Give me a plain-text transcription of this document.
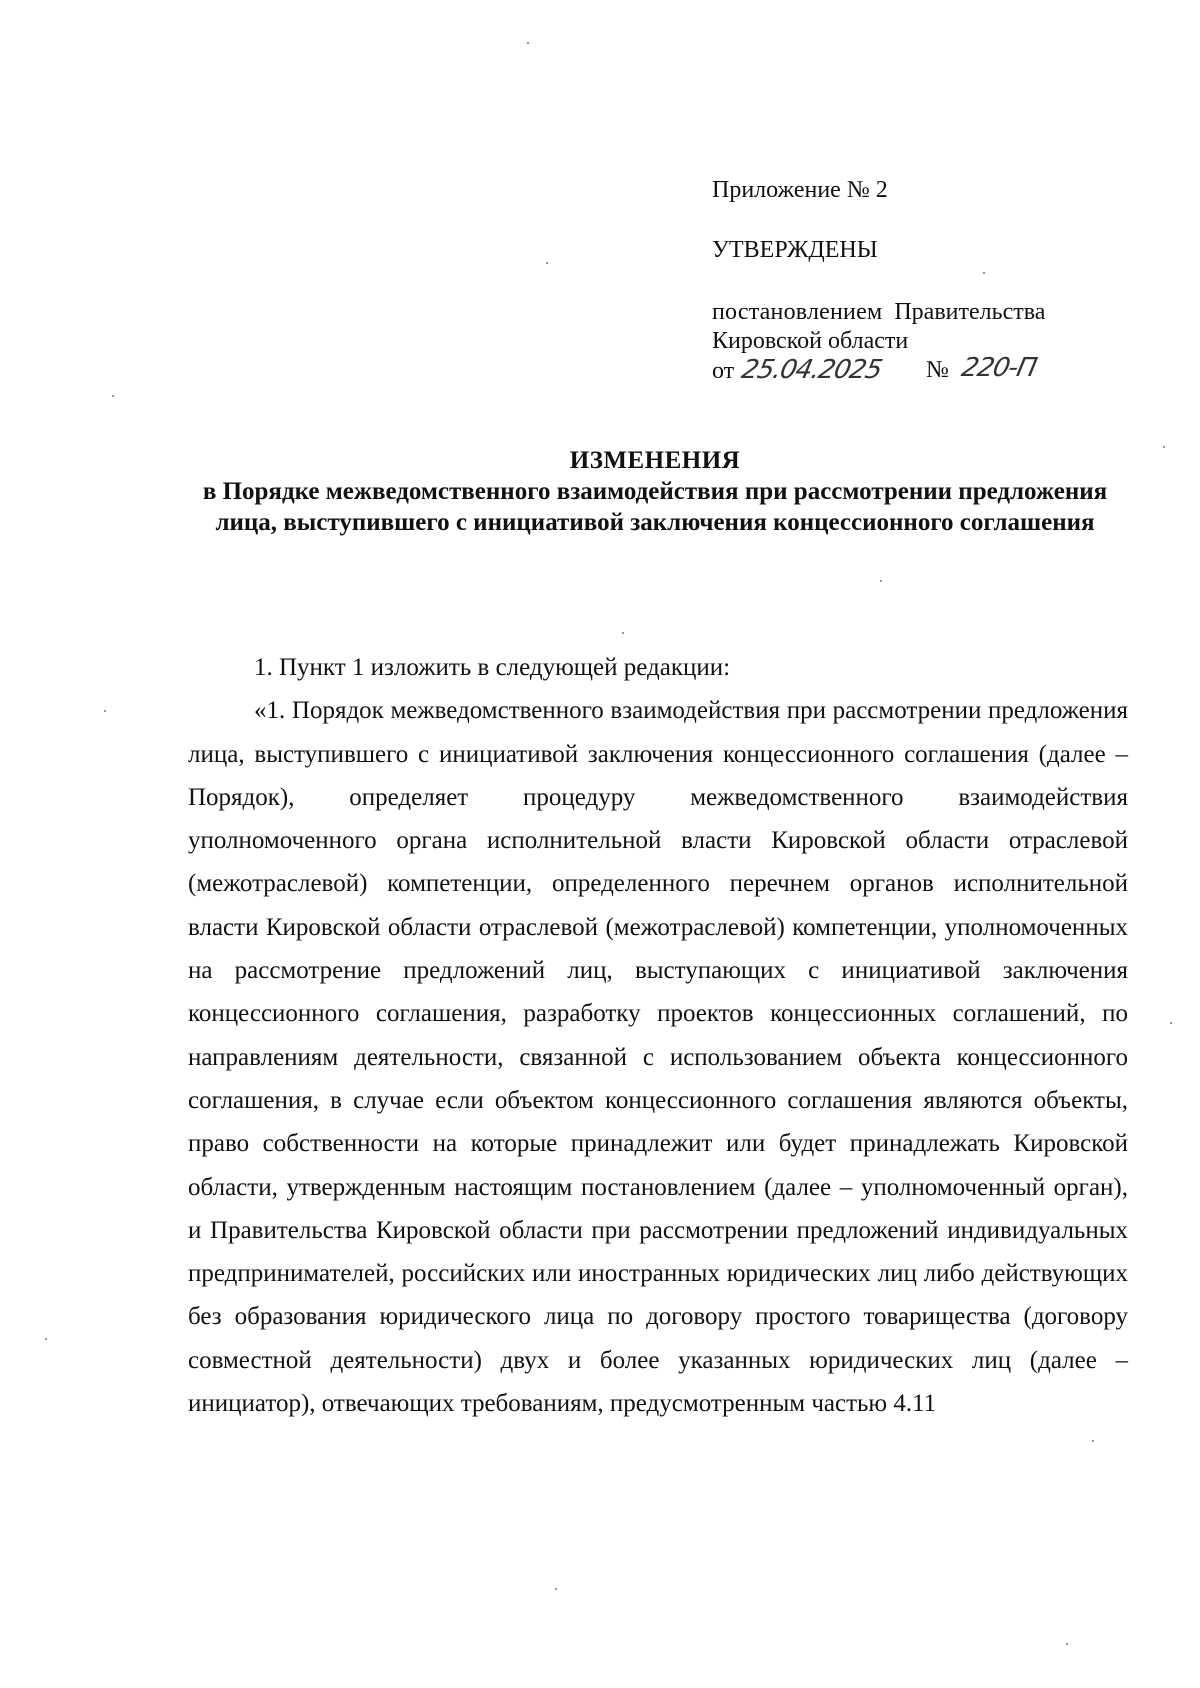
Приложение № 2
УТВЕРЖДЕНЫ
постановлением Правительства
Кировской области
от 25.04.2025 № 220-П
ИЗМЕНЕНИЯ
в Порядке межведомственного взаимодействия при рассмотрении предложения лица, выступившего с инициативой заключения концессионного соглашения

1. Пункт 1 изложить в следующей редакции:

«1. Порядок межведомственного взаимодействия при рассмотрении предложения лица, выступившего с инициативой заключения концессионного соглашения (далее – Порядок), определяет процедуру межведомственного взаимодействия уполномоченного органа исполнительной власти Кировской области отраслевой (межотраслевой) компетенции, определенного перечнем органов исполнительной власти Кировской области отраслевой (межотраслевой) компетенции, уполномоченных на рассмотрение предложений лиц, выступающих с инициативой заключения концессионного соглашения, разработку проектов концессионных соглашений, по направлениям деятельности, связанной с использованием объекта концессионного соглашения, в случае если объектом концессионного соглашения являются объекты, право собственности на которые принадлежит или будет принадлежать Кировской области, утвержденным настоящим постановлением (далее – уполномоченный орган), и Правительства Кировской области при рассмотрении предложений индивидуальных предпринимателей, российских или иностранных юридических лиц либо действующих без образования юридического лица по договору простого товарищества (договору совместной деятельности) двух и более указанных юридических лиц (далее – инициатор), отвечающих требованиям, предусмотренным частью 4.11
